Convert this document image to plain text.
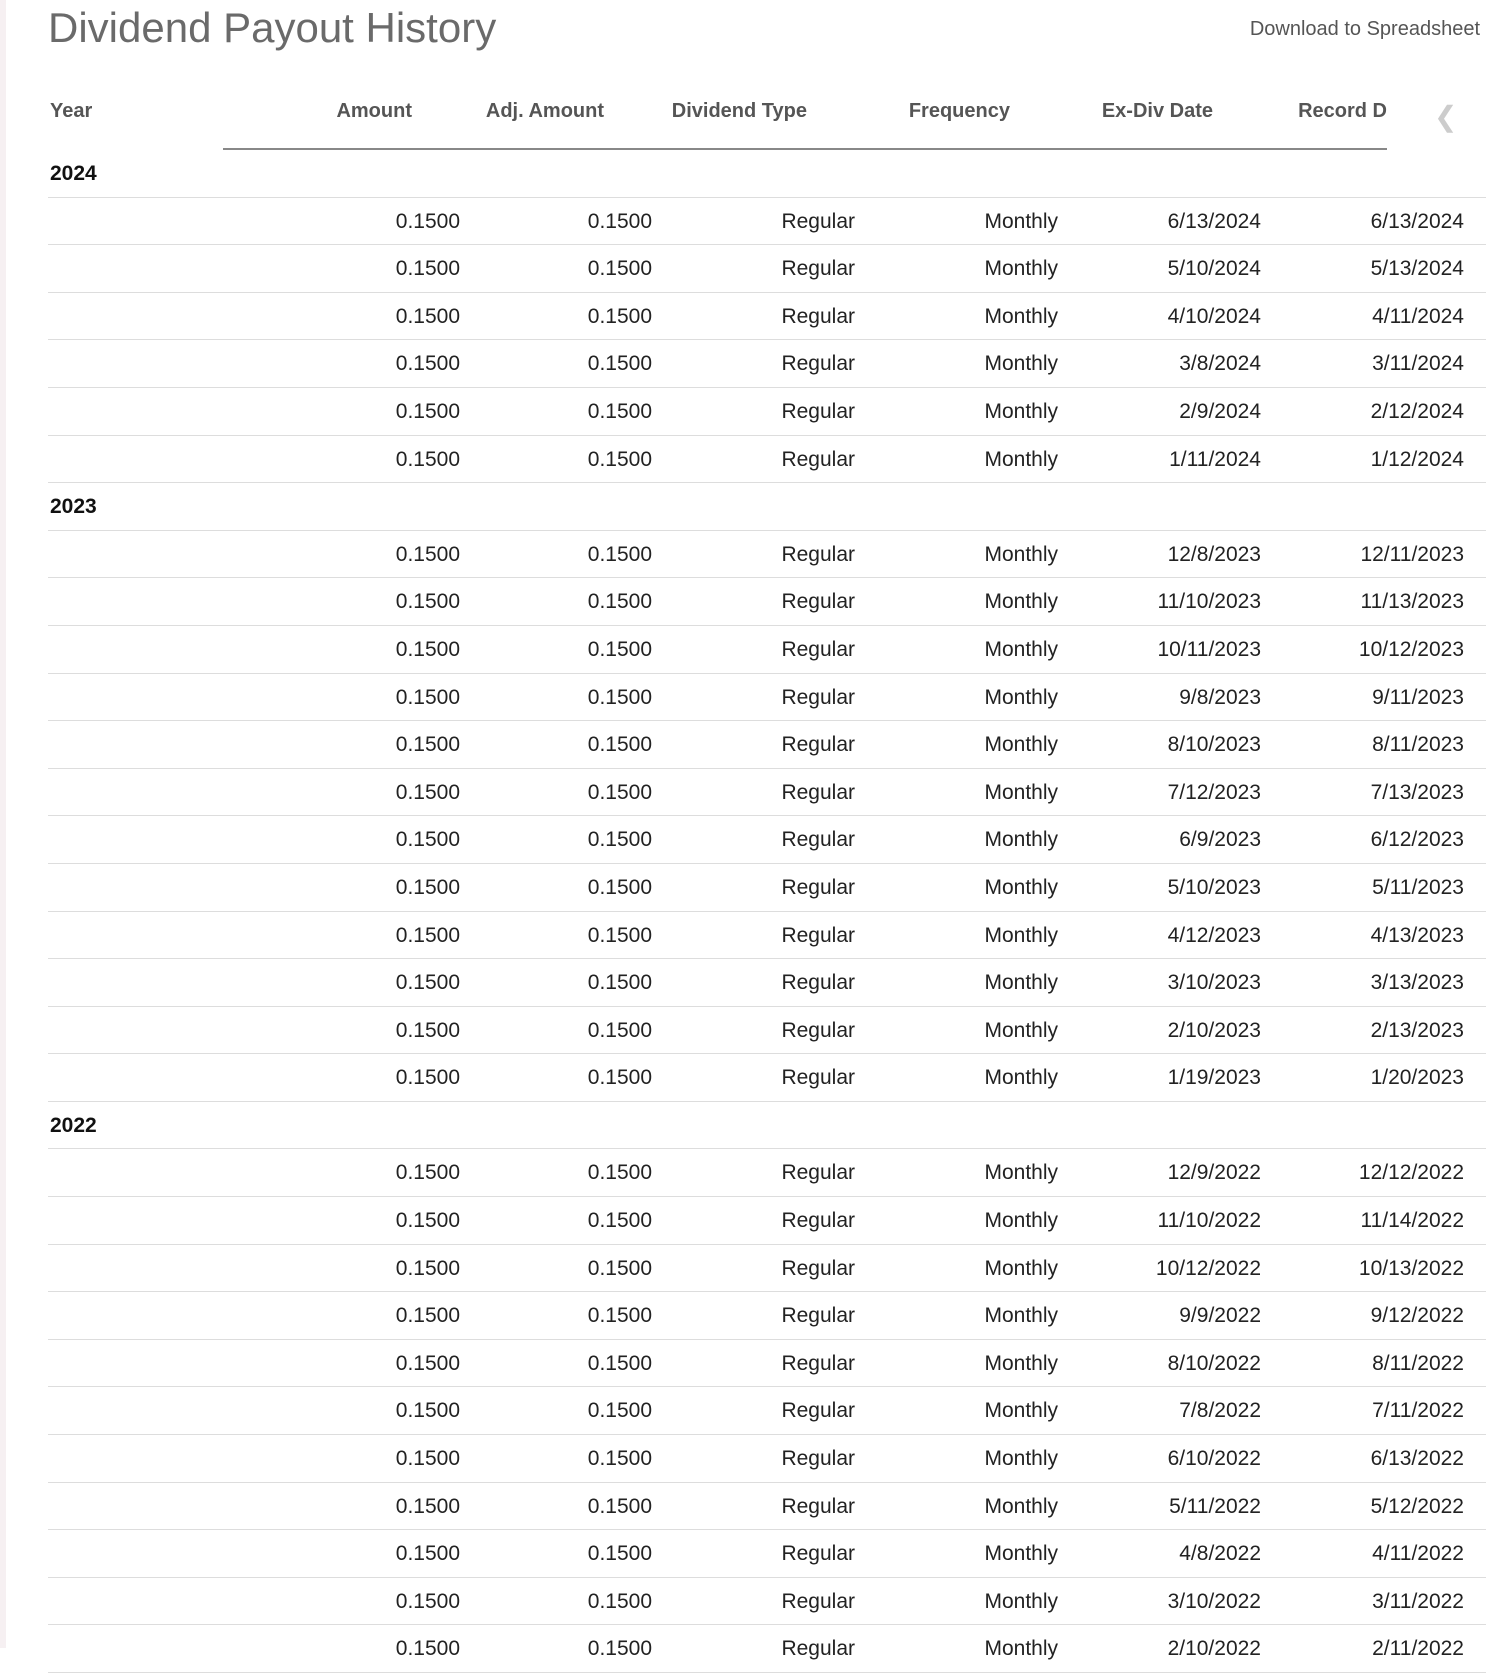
Dividend Payout History	Download to Spreadsheet
Year	Amount	Adj. Amount	Dividend Type	Frequency	Ex-Div Date	Record D ❮
2024
0.1500	0.1500	Regular	Monthly	6/13/2024	6/13/2024
0.1500	0.1500	Regular	Monthly	5/10/2024	5/13/2024
0.1500	0.1500	Regular	Monthly	4/10/2024	4/11/2024
0.1500	0.1500	Regular	Monthly	3/8/2024	3/11/2024
0.1500	0.1500	Regular	Monthly	2/9/2024	2/12/2024
0.1500	0.1500	Regular	Monthly	1/11/2024	1/12/2024
2023
0.1500	0.1500	Regular	Monthly	12/8/2023	12/11/2023
0.1500	0.1500	Regular	Monthly	11/10/2023	11/13/2023
0.1500	0.1500	Regular	Monthly	10/11/2023	10/12/2023
0.1500	0.1500	Regular	Monthly	9/8/2023	9/11/2023
0.1500	0.1500	Regular	Monthly	8/10/2023	8/11/2023
0.1500	0.1500	Regular	Monthly	7/12/2023	7/13/2023
0.1500	0.1500	Regular	Monthly	6/9/2023	6/12/2023
0.1500	0.1500	Regular	Monthly	5/10/2023	5/11/2023
0.1500	0.1500	Regular	Monthly	4/12/2023	4/13/2023
0.1500	0.1500	Regular	Monthly	3/10/2023	3/13/2023
0.1500	0.1500	Regular	Monthly	2/10/2023	2/13/2023
0.1500	0.1500	Regular	Monthly	1/19/2023	1/20/2023
2022
0.1500	0.1500	Regular	Monthly	12/9/2022	12/12/2022
0.1500	0.1500	Regular	Monthly	11/10/2022	11/14/2022
0.1500	0.1500	Regular	Monthly	10/12/2022	10/13/2022
0.1500	0.1500	Regular	Monthly	9/9/2022	9/12/2022
0.1500	0.1500	Regular	Monthly	8/10/2022	8/11/2022
0.1500	0.1500	Regular	Monthly	7/8/2022	7/11/2022
0.1500	0.1500	Regular	Monthly	6/10/2022	6/13/2022
0.1500	0.1500	Regular	Monthly	5/11/2022	5/12/2022
0.1500	0.1500	Regular	Monthly	4/8/2022	4/11/2022
0.1500	0.1500	Regular	Monthly	3/10/2022	3/11/2022
0.1500	0.1500	Regular	Monthly	2/10/2022	2/11/2022
